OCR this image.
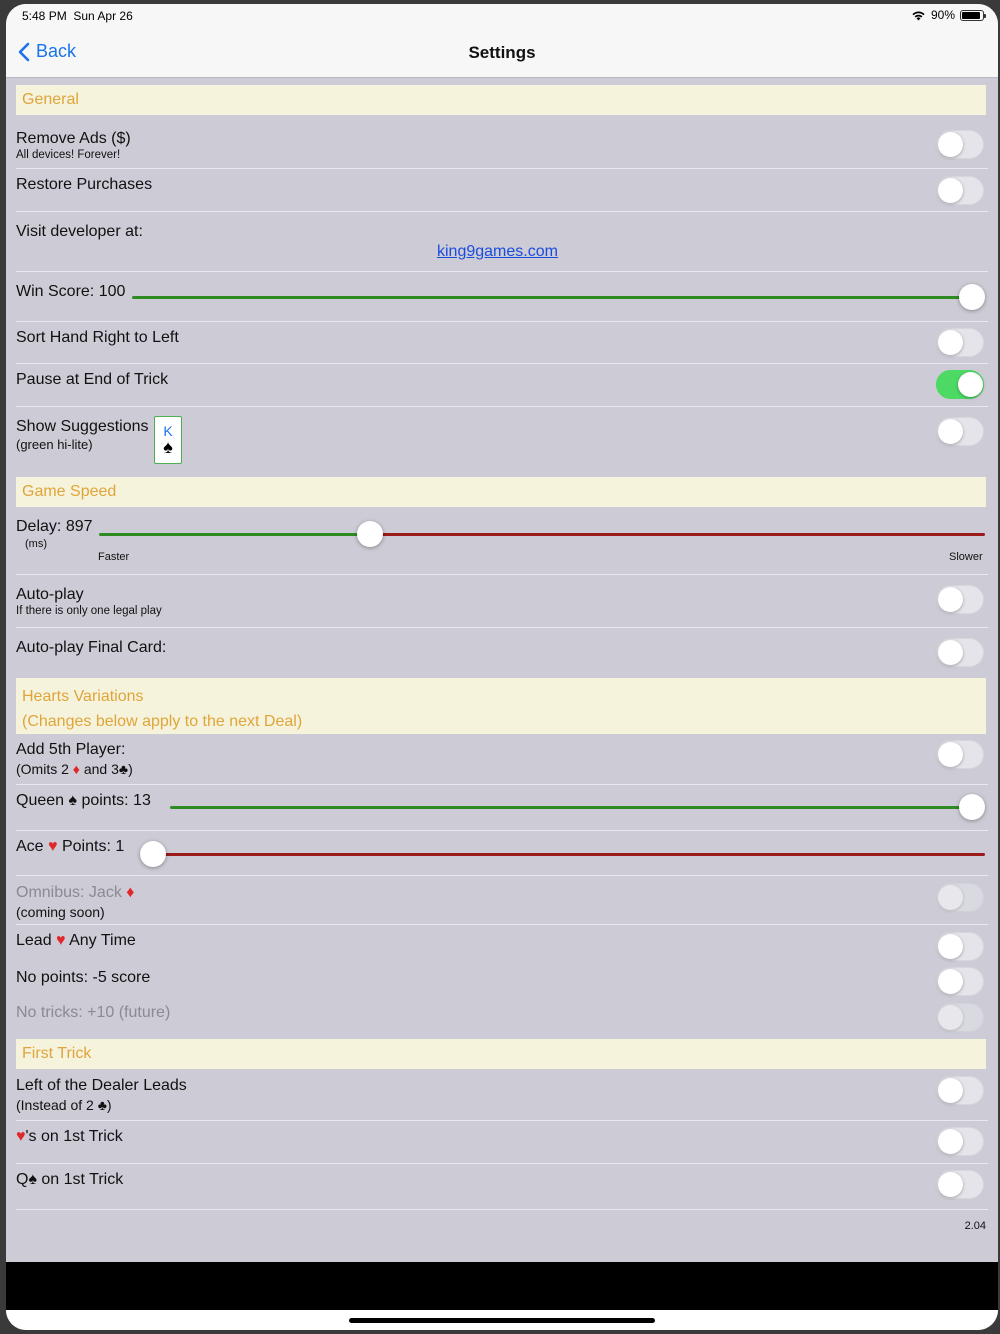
5:48 PM Sun Apr 26	90%
Back	Settings
General
Remove Ads ($)
All devices! Forever!
Restore Purchases
Visit developer at:
king9games.com
Win Score: 100
Sort Hand Right to Left
Pause at End of Trick
Show Suggestions
(green hi-lite)
K
♠
Game Speed
Delay: 897
(ms)
Faster	Slower
Auto-play
If there is only one legal play
Auto-play Final Card:
Hearts Variations
(Changes below apply to the next Deal)
Add 5th Player:
(Omits 2 ♦ and 3♣)
Queen ♠ points: 13
Ace ♥ Points: 1
Omnibus: Jack ♦
(coming soon)
Lead ♥ Any Time
No points: -5 score
No tricks: +10 (future)
First Trick
Left of the Dealer Leads
(Instead of 2 ♣)
♥'s on 1st Trick
Q♠ on 1st Trick
2.04
